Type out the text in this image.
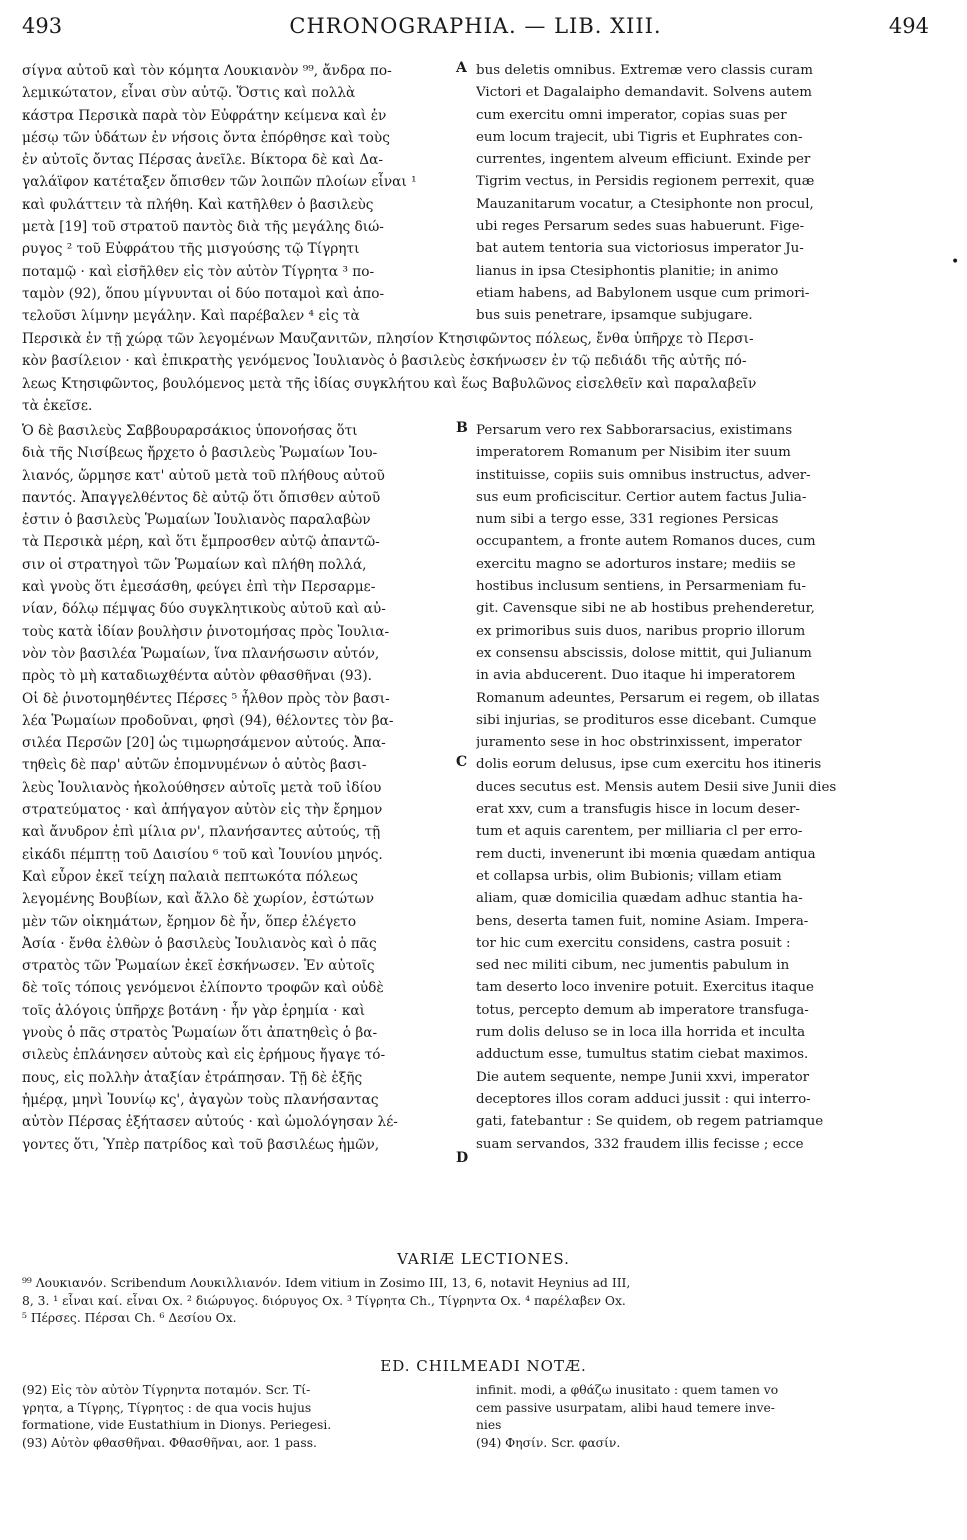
493	CHRONOGRAPHIA. — LIB. XIII.	494
σίγνα αὐτοῦ καὶ τὸν κόμητα Λουκιανὸν ⁹⁹, ἄνδρα πο-
λεμικώτατον, εἶναι σὺν αὐτῷ. Ὅστις καὶ πολλὰ
κάστρα Περσικὰ παρὰ τὸν Εὐφράτην κείμενα καὶ ἐν
μέσῳ τῶν ὑδάτων ἐν νήσοις ὄντα ἐπόρθησε καὶ τοὺς
ἐν αὐτοῖς ὄντας Πέρσας ἀνεῖλε. Βίκτορα δὲ καὶ Δα-
γαλάϊφον κατέταξεν ὄπισθεν τῶν λοιπῶν πλοίων εἶναι ¹
καὶ φυλάττειν τὰ πλήθη. Καὶ κατῆλθεν ὁ βασιλεὺς
μετὰ [19] τοῦ στρατοῦ παντὸς διὰ τῆς μεγάλης διώ-
ρυγος ² τοῦ Εὐφράτου τῆς μισγούσης τῷ Τίγρητι
ποταμῷ · καὶ εἰσῆλθεν εἰς τὸν αὐτὸν Τίγρητα ³ πο-
ταμὸν (92), ὅπου μίγνυνται οἱ δύο ποταμοὶ καὶ ἀπο-
τελοῦσι λίμνην μεγάλην. Καὶ παρέβαλεν ⁴ εἰς τὰ
bus deletis omnibus. Extremæ vero classis curam
Victori et Dagalaipho demandavit. Solvens autem
cum exercitu omni imperator, copias suas per
eum locum trajecit, ubi Tigris et Euphrates con-
currentes, ingentem alveum efficiunt. Exinde per
Tigrim vectus, in Persidis regionem perrexit, quæ
Mauzanitarum vocatur, a Ctesiphonte non procul,
ubi reges Persarum sedes suas habuerunt. Fige-
bat autem tentoria sua victoriosus imperator Ju-
lianus in ipsa Ctesiphontis planitie; in animo
etiam habens, ad Babylonem usque cum primori-
bus suis penetrare, ipsamque subjugare.
Περσικὰ ἐν τῇ χώρᾳ τῶν λεγομένων Μαυζανιτῶν, πλησίον Κτησιφῶντος πόλεως, ἔνθα ὑπῆρχε τὸ Περσι-
κὸν βασίλειον · καὶ ἐπικρατὴς γενόμενος Ἰουλιανὸς ὁ βασιλεὺς ἐσκήνωσεν ἐν τῷ πεδιάδι τῆς αὐτῆς πό-
λεως Κτησιφῶντος, βουλόμενος μετὰ τῆς ἰδίας συγκλήτου καὶ ἕως Βαβυλῶνος εἰσελθεῖν καὶ παραλαβεῖν
τὰ ἐκεῖσε.
Ὁ δὲ βασιλεὺς Σαββουραρσάκιος ὑπονοήσας ὅτι
διὰ τῆς Νισίβεως ἤρχετο ὁ βασιλεὺς Ῥωμαίων Ἰου-
λιανός, ὥρμησε κατ' αὐτοῦ μετὰ τοῦ πλήθους αὐτοῦ
παντός. Ἀπαγγελθέντος δὲ αὐτῷ ὅτι ὄπισθεν αὐτοῦ
ἐστιν ὁ βασιλεὺς Ῥωμαίων Ἰουλιανὸς παραλαβὼν
τὰ Περσικὰ μέρη, καὶ ὅτι ἔμπροσθεν αὐτῷ ἀπαντῶ-
σιν οἱ στρατηγοὶ τῶν Ῥωμαίων καὶ πλήθη πολλά,
καὶ γνοὺς ὅτι ἐμεσάσθη, φεύγει ἐπὶ τὴν Περσαρμε-
νίαν, δόλῳ πέμψας δύο συγκλητικοὺς αὐτοῦ καὶ αὐ-
τοὺς κατὰ ἰδίαν βουλὴσιν ῥινοτομήσας πρὸς Ἰουλια-
νὸν τὸν βασιλέα Ῥωμαίων, ἵνα πλανήσωσιν αὐτόν,
πρὸς τὸ μὴ καταδιωχθέντα αὐτὸν φθασθῆναι (93).
Οἱ δὲ ῥινοτομηθέντες Πέρσες ⁵ ἦλθον πρὸς τὸν βασι-
λέα Ῥωμαίων προδοῦναι, φησὶ (94), θέλοντες τὸν βα-
σιλέα Περσῶν [20] ὡς τιμωρησάμενον αὐτούς. Ἀπα-
τηθεὶς δὲ παρ' αὐτῶν ἐπομνυμένων ὁ αὐτὸς βασι-
λεὺς Ἰουλιανὸς ἠκολούθησεν αὐτοῖς μετὰ τοῦ ἰδίου
στρατεύματος · καὶ ἀπήγαγον αὐτὸν εἰς τὴν ἔρημον
καὶ ἄνυδρον ἐπὶ μίλια ρν', πλανήσαντες αὐτούς, τῇ
εἰκάδι πέμπτῃ τοῦ Δαισίου ⁶ τοῦ καὶ Ἰουνίου μηνός.
Καὶ εὗρον ἐκεῖ τείχη παλαιὰ πεπτωκότα πόλεως
λεγομένης Βουβίων, καὶ ἄλλο δὲ χωρίον, ἑστώτων
μὲν τῶν οἰκημάτων, ἔρημον δὲ ἦν, ὅπερ ἐλέγετο
Ἀσία · ἔνθα ἐλθὼν ὁ βασιλεὺς Ἰουλιανὸς καὶ ὁ πᾶς
στρατὸς τῶν Ῥωμαίων ἐκεῖ ἐσκήνωσεν. Ἐν αὐτοῖς
δὲ τοῖς τόποις γενόμενοι ἐλίποντο τροφῶν καὶ οὐδὲ
τοῖς ἀλόγοις ὑπῆρχε βοτάνη · ἦν γὰρ ἐρημία · καὶ
γνοὺς ὁ πᾶς στρατὸς Ῥωμαίων ὅτι ἀπατηθεὶς ὁ βα-
σιλεὺς ἐπλάνησεν αὐτοὺς καὶ εἰς ἐρήμους ἤγαγε τό-
πους, εἰς πολλὴν ἀταξίαν ἐτράπησαν. Τῇ δὲ ἑξῆς
ἡμέρᾳ, μηνὶ Ἰουνίῳ κς', ἀγαγὼν τοὺς πλανήσαντας
αὐτὸν Πέρσας ἐξήτασεν αὐτούς · καὶ ὡμολόγησαν λέ-
γοντες ὅτι, Ὑπὲρ πατρίδος καὶ τοῦ βασιλέως ἡμῶν,
Persarum vero rex Sabborarsacius, existimans
imperatorem Romanum per Nisibim iter suum
instituisse, copiis suis omnibus instructus, adver-
sus eum proficiscitur. Certior autem factus Julia-
num sibi a tergo esse, 331 regiones Persicas
occupantem, a fronte autem Romanos duces, cum
exercitu magno se adorturos instare; mediis se
hostibus inclusum sentiens, in Persarmeniam fu-
git. Cavensque sibi ne ab hostibus prehenderetur,
ex primoribus suis duos, naribus proprio illorum
ex consensu abscissis, dolose mittit, qui Julianum
in avia abducerent. Duo itaque hi imperatorem
Romanum adeuntes, Persarum ei regem, ob illatas
sibi injurias, se prodituros esse dicebant. Cumque
juramento sese in hoc obstrinxissent, imperator
dolis eorum delusus, ipse cum exercitu hos itineris
duces secutus est. Mensis autem Desii sive Junii dies
erat xxv, cum a transfugis hisce in locum deser-
tum et aquis carentem, per milliaria cl per erro-
rem ducti, invenerunt ibi mœnia quædam antiqua
et collapsa urbis, olim Bubionis; villam etiam
aliam, quæ domicilia quædam adhuc stantia ha-
bens, deserta tamen fuit, nomine Asiam. Impera-
tor hic cum exercitu considens, castra posuit :
sed nec militi cibum, nec jumentis pabulum in
tam deserto loco invenire potuit. Exercitus itaque
totus, percepto demum ab imperatore transfuga-
rum dolis deluso se in loca illa horrida et inculta
adductum esse, tumultus statim ciebat maximos.
Die autem sequente, nempe Junii xxvi, imperator
deceptores illos coram adduci jussit : qui interro-
gati, fatebantur : Se quidem, ob regem patriamque
suam servandos, 332 fraudem illis fecisse ; ecce
A
B
C
D
•
VARIÆ LECTIONES.
⁹⁹ Λουκιανόν. Scribendum Λουκιλλιανόν. Idem vitium in Zosimo III, 13, 6, notavit Heynius ad III,
8, 3. ¹ εἶναι καί. εἶναι Ox. ² διώρυγος. διόρυγος Ox. ³ Τίγρητα Ch., Τίγρηντα Ox. ⁴ παρέλαβεν Ox.
⁵ Πέρσες. Πέρσαι Ch. ⁶ Δεσίου Ox.
ED. CHILMEADI NOTÆ.
(92) Εἰς τὸν αὐτὸν Τίγρηντα ποταμόν. Scr. Τί-
γρητα, a Τίγρης, Τίγρητος : de qua vocis hujus
formatione, vide Eustathium in Dionys. Periegesi.
(93) Αὐτὸν φθασθῆναι. Φθασθῆναι, aor. 1 pass.
infinit. modi, a φθάζω inusitato : quem tamen vo
cem passive usurpatam, alibi haud temere inve-
nies
(94) Φησίν. Scr. φασίν.
